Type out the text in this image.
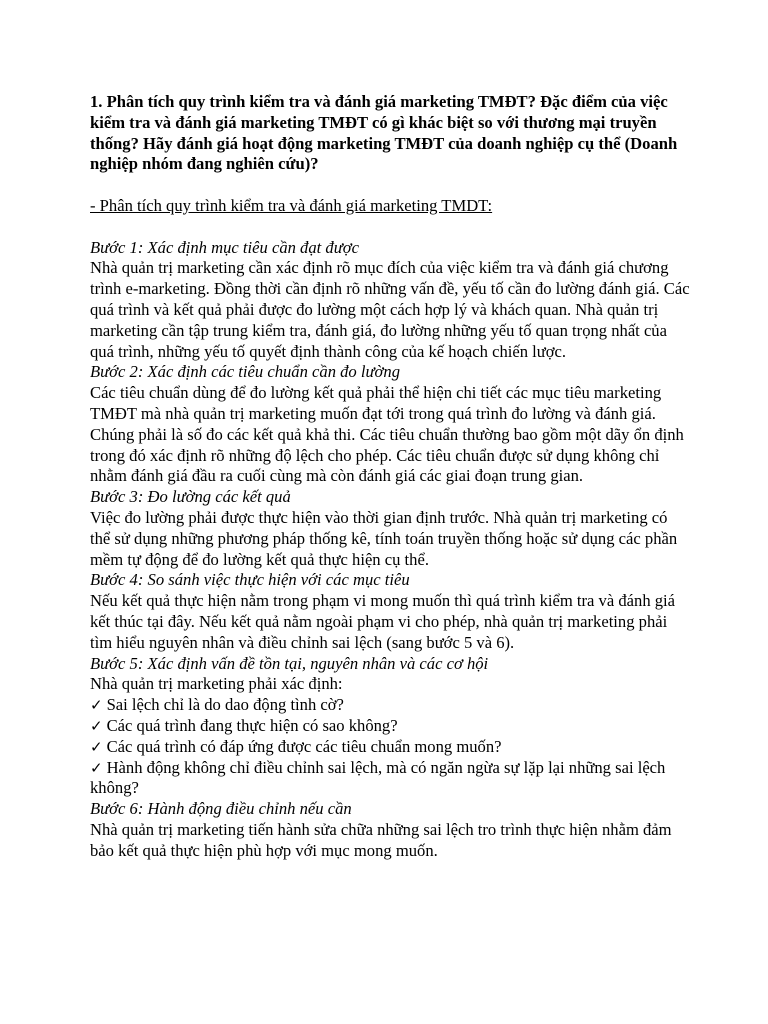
1. Phân tích quy trình kiểm tra và đánh giá marketing TMĐT? Đặc điểm của việc kiểm tra và đánh giá marketing TMĐT có gì khác biệt so với thương mại truyền thống? Hãy đánh giá hoạt động marketing TMĐT của doanh nghiệp cụ thể (Doanh nghiệp nhóm đang nghiên cứu)?

- Phân tích quy trình kiểm tra và đánh giá marketing TMDT:

Bước 1: Xác định mục tiêu cần đạt được

Nhà quản trị marketing cần xác định rõ mục đích của việc kiểm tra và đánh giá chương trình e-marketing. Đồng thời cần định rõ những vấn đề, yếu tố cần đo lường đánh giá. Các quá trình và kết quả phải được đo lường một cách hợp lý và khách quan. Nhà quản trị marketing cần tập trung kiểm tra, đánh giá, đo lường những yếu tố quan trọng nhất của quá trình, những yếu tố quyết định thành công của kế hoạch chiến lược.

Bước 2: Xác định các tiêu chuẩn cần đo lường

Các tiêu chuẩn dùng để đo lường kết quả phải thể hiện chi tiết các mục tiêu marketing TMĐT mà nhà quản trị marketing muốn đạt tới trong quá trình đo lường và đánh giá.

Chúng phải là số đo các kết quả khả thi. Các tiêu chuẩn thường bao gồm một dãy ổn định trong đó xác định rõ những độ lệch cho phép. Các tiêu chuẩn được sử dụng không chỉ nhằm đánh giá đầu ra cuối cùng mà còn đánh giá các giai đoạn trung gian.

Bước 3: Đo lường các kết quả

Việc đo lường phải được thực hiện vào thời gian định trước. Nhà quản trị marketing có thể sử dụng những phương pháp thống kê, tính toán truyền thống hoặc sử dụng các phần mềm tự động để đo lường kết quả thực hiện cụ thể.

Bước 4: So sánh việc thực hiện với các mục tiêu

Nếu kết quả thực hiện nằm trong phạm vi mong muốn thì quá trình kiểm tra và đánh giá kết thúc tại đây. Nếu kết quả nằm ngoài phạm vi cho phép, nhà quản trị marketing phải tìm hiểu nguyên nhân và điều chỉnh sai lệch (sang bước 5 và 6).

Bước 5: Xác định vấn đề tồn tại, nguyên nhân và các cơ hội

Nhà quản trị marketing phải xác định:

✓ Sai lệch chỉ là do dao động tình cờ?

✓ Các quá trình đang thực hiện có sao không?

✓ Các quá trình có đáp ứng được các tiêu chuẩn mong muốn?

✓ Hành động không chỉ điều chỉnh sai lệch, mà có ngăn ngừa sự lặp lại những sai lệch không?

Bước 6: Hành động điều chỉnh nếu cần

Nhà quản trị marketing tiến hành sửa chữa những sai lệch tro trình thực hiện nhằm đảm bảo kết quả thực hiện phù hợp với mục mong muốn.
